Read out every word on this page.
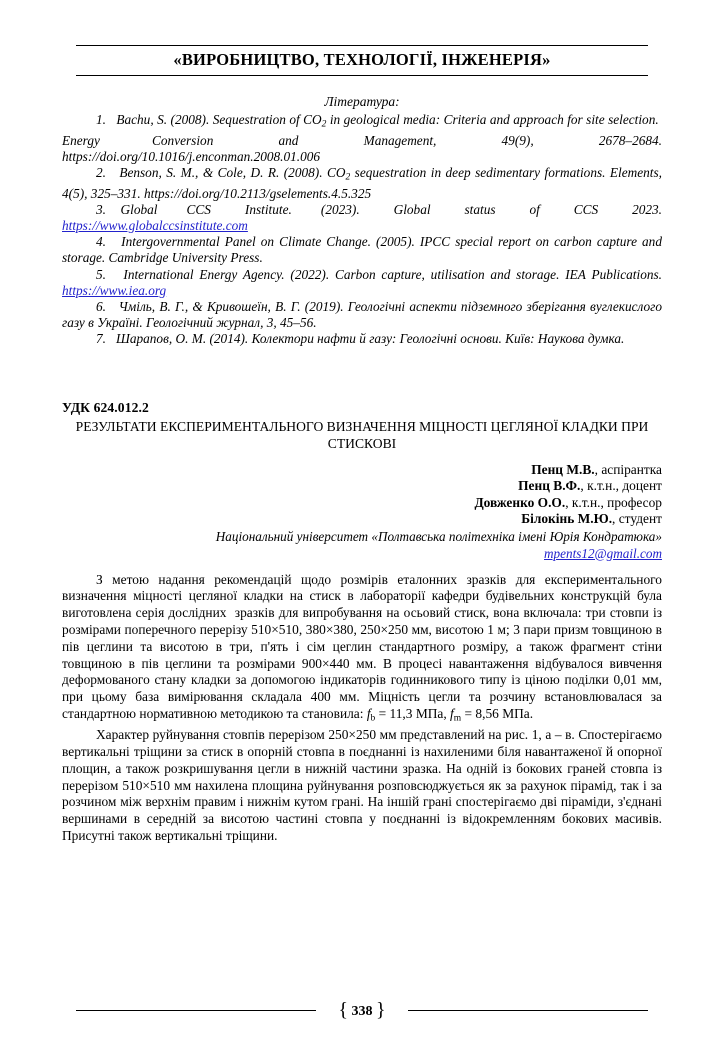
«ВИРОБНИЦТВО, ТЕХНОЛОГІЇ, ІНЖЕНЕРІЯ»
Література:

1.   Bachu, S. (2008). Sequestration of $CO_2$ in geological media: Criteria and approach for site selection.  Energy    Conversion     and     Management,     49(9),     2678–2684. https://doi.org/10.1016/j.enconman.2008.01.006

2.   Benson, S. M., & Cole, D. R. (2008). $CO_2$ sequestration in deep sedimentary formations. Elements, 4(5), 325–331. https://doi.org/10.2113/gselements.4.5.325

3.   Global      CCS       Institute.      (2023).       Global       status       of       CCS       2023. https://www.globalccsinstitute.com

4. Intergovernmental Panel on Climate Change. (2005). IPCC special report on carbon capture and storage. Cambridge University Press.

5.   International Energy Agency. (2022). Carbon capture, utilisation and storage. IEA Publications. https://www.iea.org

6. Чміль, В. Г., & Кривошеїн, В. Г. (2019). Геологічні аспекти підземного зберігання вуглекислого газу в Україні. Геологічний журнал, 3, 45–56.

7. Шарапов, О. М. (2014). Колектори нафти й газу: Геологічні основи. Київ: Наукова думка.

УДК 624.012.2
РЕЗУЛЬТАТИ ЕКСПЕРИМЕНТАЛЬНОГО ВИЗНАЧЕННЯ МІЦНОСТІ ЦЕГЛЯНОЇ КЛАДКИ ПРИ СТИСКОВІ
Пенц М.В., аспірантка
Пенц В.Ф., к.т.н., доцент
Довженко О.О., к.т.н., професор
Білокінь М.Ю., студент
Національний університет «Полтавська політехніка імені Юрія Кондратюка»
mpents12@gmail.com

З метою надання рекомендацій щодо розмірів еталонних зразків для експериментального визначення міцності цегляної кладки на стиск в лабораторії кафедри будівельних конструкцій була виготовлена серія дослідних  зразків для випробування на осьовий стиск, вона включала: три стовпи із розмірами поперечного перерізу 510×510, 380×380, 250×250 мм, висотою 1 м; 3 пари призм товщиною в пів цеглини та висотою в три, п'ять і сім цеглин стандартного розміру, а також фрагмент стіни товщиною в пів цеглини та розмірами 900×440 мм. В процесі навантаження відбувалося вивчення деформованого стану кладки за допомогою індикаторів годинникового типу із ціною поділки 0,01 мм, при цьому база вимірювання складала 400 мм. Міцність цегли та розчину встановлювалася за стандартною нормативною методикою та становила: $f_b = 11,3$ МПа, $f_m = 8,56$ МПа.

Характер руйнування стовпів перерізом 250×250 мм представлений на рис. 1, а – в. Спостерігаємо вертикальні тріщини за стиск в опорній стовпа в поєднанні із нахиленими біля навантаженої й опорної площин, а також розкришування цегли в нижній частини зразка. На одній із бокових граней стовпа із перерізом 510×510 мм нахилена площина руйнування розповсюджується як за рахунок пірамід, так і за розчином між верхнім правим і нижнім кутом грані. На іншій грані спостерігаємо дві піраміди, з'єднані вершинами в середній за висотою частині стовпа у поєднанні із відокремленням бокових масивів. Присутні також вертикальні тріщини.

{ 338 }
